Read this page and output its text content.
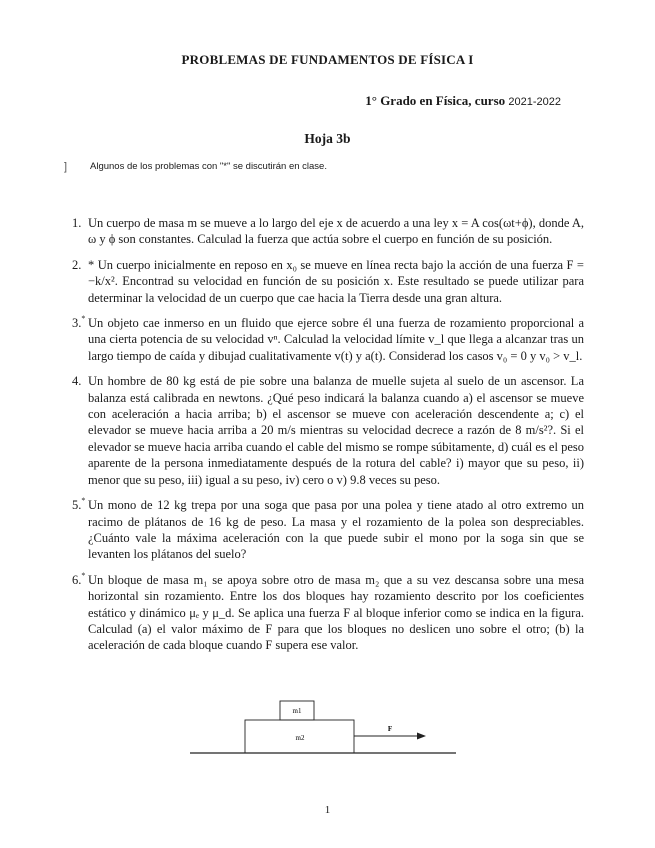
PROBLEMAS DE FUNDAMENTOS DE FÍSICA I
1° Grado en Física, curso 2021-2022
Hoja 3b
] Algunos de los problemas con "*" se discutirán en clase.
1. Un cuerpo de masa m se mueve a lo largo del eje x de acuerdo a una ley x = A cos(ωt+ϕ), donde A, ω y ϕ son constantes. Calculad la fuerza que actúa sobre el cuerpo en función de su posición.
2. * Un cuerpo inicialmente en reposo en x₀ se mueve en línea recta bajo la acción de una fuerza F = −k/x². Encontrad su velocidad en función de su posición x. Este resultado se puede utilizar para determinar la velocidad de un cuerpo que cae hacia la Tierra desde una gran altura.
3.* Un objeto cae inmerso en un fluido que ejerce sobre él una fuerza de rozamiento proporcional a una cierta potencia de su velocidad vⁿ. Calculad la velocidad límite v_l que llega a alcanzar tras un largo tiempo de caída y dibujad cualitativamente v(t) y a(t). Considerad los casos v₀ = 0 y v₀ > v_l.
4. Un hombre de 80 kg está de pie sobre una balanza de muelle sujeta al suelo de un ascensor. La balanza está calibrada en newtons. ¿Qué peso indicará la balanza cuando a) el ascensor se mueve con aceleración a hacia arriba; b) el ascensor se mueve con aceleración descendente a; c) el elevador se mueve hacia arriba a 20 m/s mientras su velocidad decrece a razón de 8 m/s²?. Si el elevador se mueve hacia arriba cuando el cable del mismo se rompe súbitamente, d) cuál es el peso aparente de la persona inmediatamente después de la rotura del cable? i) mayor que su peso, ii) menor que su peso, iii) igual a su peso, iv) cero o v) 9.8 veces su peso.
5.* Un mono de 12 kg trepa por una soga que pasa por una polea y tiene atado al otro extremo un racimo de plátanos de 16 kg de peso. La masa y el rozamiento de la polea son despreciables. ¿Cuánto vale la máxima aceleración con la que puede subir el mono por la soga sin que se levanten los plátanos del suelo?
6.* Un bloque de masa m₁ se apoya sobre otro de masa m₂ que a su vez descansa sobre una mesa horizontal sin rozamiento. Entre los dos bloques hay rozamiento descrito por los coeficientes estático y dinámico μₑ y μ_d. Se aplica una fuerza F al bloque inferior como se indica en la figura. Calculad (a) el valor máximo de F para que los bloques no deslicen uno sobre el otro; (b) la aceleración de cada bloque cuando F supera ese valor.
m1
m2
F
1
